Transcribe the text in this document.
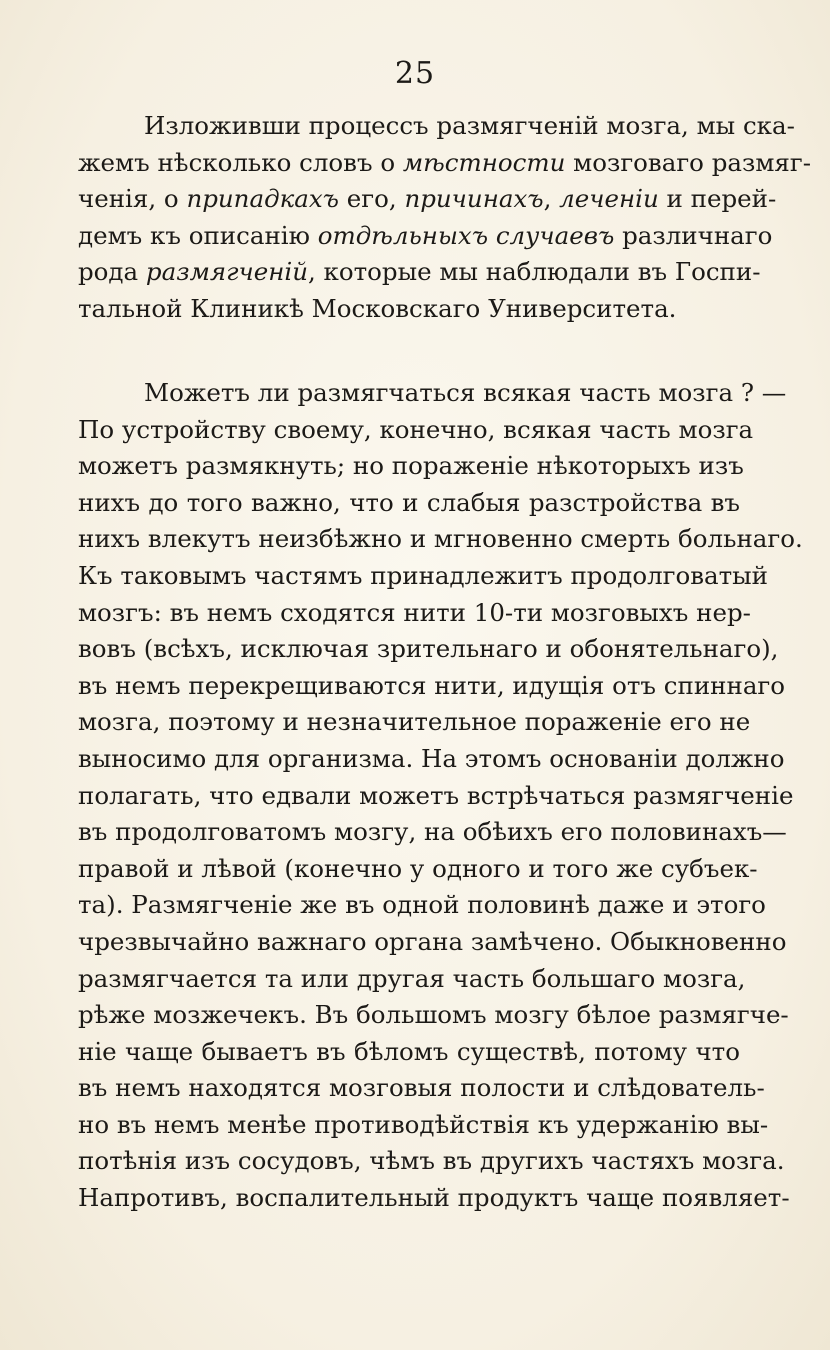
25
Изложивши процессъ размягченій мозга, мы ска-
жемъ нѣсколько словъ о мѣстности мозговаго размяг-
ченія, о припадкахъ его, причинахъ, леченіи и перей-
демъ къ описанію отдѣльныхъ случаевъ различнаго
рода размягченій, которые мы наблюдали въ Госпи-
тальной Клиникѣ Московскаго Университета.
Можетъ ли размягчаться всякая часть мозга ? —
По устройству своему, конечно, всякая часть мозга
можетъ размякнуть; но пораженіе нѣкоторыхъ изъ
нихъ до того важно, что и слабыя разстройства въ
нихъ влекутъ неизбѣжно и мгновенно смерть больнаго.
Къ таковымъ частямъ принадлежитъ продолговатый
мозгъ: въ немъ сходятся нити 10-ти мозговыхъ нер-
вовъ (всѣхъ, исключая зрительнаго и обонятельнаго),
въ немъ перекрещиваются нити, идущія отъ спиннаго
мозга, поэтому и незначительное пораженіе его не
выносимо для организма. На этомъ основаніи должно
полагать, что едвали можетъ встрѣчаться размягченіе
въ продолговатомъ мозгу, на обѣихъ его половинахъ—
правой и лѣвой (конечно у одного и того же субъек-
та). Размягченіе же въ одной половинѣ даже и этого
чрезвычайно важнаго органа замѣчено. Обыкновенно
размягчается та или другая часть большаго мозга,
рѣже мозжечекъ. Въ большомъ мозгу бѣлое размягче-
ніе чаще бываетъ въ бѣломъ существѣ, потому что
въ немъ находятся мозговыя полости и слѣдователь-
но въ немъ менѣе противодѣйствія къ удержанію вы-
потѣнія изъ сосудовъ, чѣмъ въ другихъ частяхъ мозга.
Напротивъ, воспалительный продуктъ чаще появляет-
